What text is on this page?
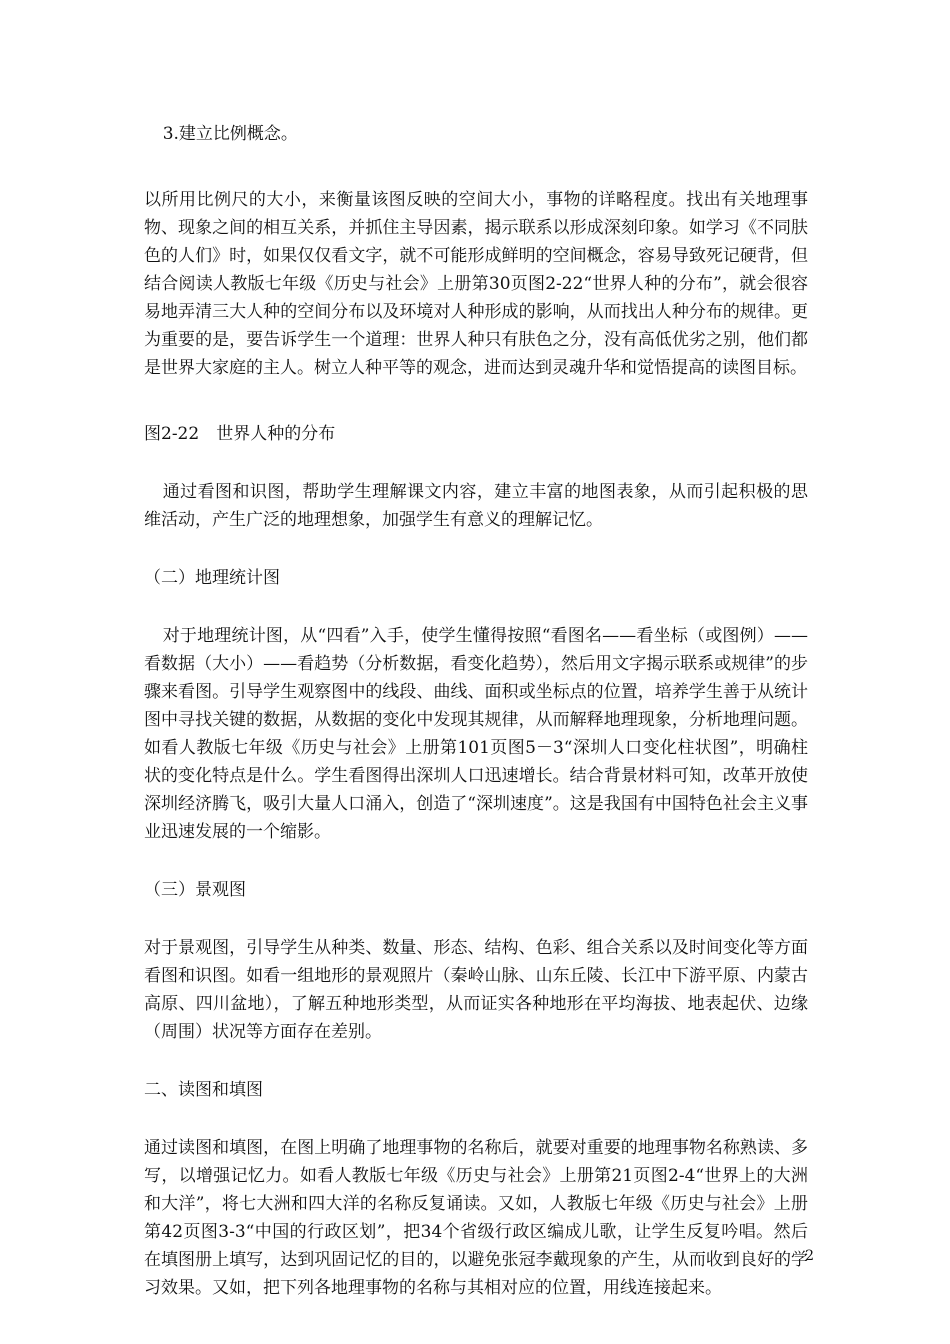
3.建立比例概念。

以所用比例尺的大小，来衡量该图反映的空间大小，事物的详略程度。找出有关地理事物、现象之间的相互关系，并抓住主导因素，揭示联系以形成深刻印象。如学习《不同肤色的人们》时，如果仅仅看文字，就不可能形成鲜明的空间概念，容易导致死记硬背，但结合阅读人教版七年级《历史与社会》上册第30页图2-22“世界人种的分布”，就会很容易地弄清三大人种的空间分布以及环境对人种形成的影响，从而找出人种分布的规律。更为重要的是，要告诉学生一个道理：世界人种只有肤色之分，没有高低优劣之别，他们都是世界大家庭的主人。树立人种平等的观念，进而达到灵魂升华和觉悟提高的读图目标。

图2-22　世界人种的分布

通过看图和识图，帮助学生理解课文内容，建立丰富的地图表象，从而引起积极的思维活动，产生广泛的地理想象，加强学生有意义的理解记忆。

（二）地理统计图

对于地理统计图，从“四看”入手，使学生懂得按照“看图名——看坐标（或图例）——看数据（大小）——看趋势（分析数据，看变化趋势），然后用文字揭示联系或规律”的步骤来看图。引导学生观察图中的线段、曲线、面积或坐标点的位置，培养学生善于从统计图中寻找关键的数据，从数据的变化中发现其规律，从而解释地理现象，分析地理问题。如看人教版七年级《历史与社会》上册第101页图5－3“深圳人口变化柱状图”，明确柱状的变化特点是什么。学生看图得出深圳人口迅速增长。结合背景材料可知，改革开放使深圳经济腾飞，吸引大量人口涌入，创造了“深圳速度”。这是我国有中国特色社会主义事业迅速发展的一个缩影。

（三）景观图

对于景观图，引导学生从种类、数量、形态、结构、色彩、组合关系以及时间变化等方面看图和识图。如看一组地形的景观照片（秦岭山脉、山东丘陵、长江中下游平原、内蒙古高原、四川盆地），了解五种地形类型，从而证实各种地形在平均海拔、地表起伏、边缘（周围）状况等方面存在差别。

二、读图和填图

通过读图和填图，在图上明确了地理事物的名称后，就要对重要的地理事物名称熟读、多写，以增强记忆力。如看人教版七年级《历史与社会》上册第21页图2-4“世界上的大洲和大洋”，将七大洲和四大洋的名称反复诵读。又如，人教版七年级《历史与社会》上册第42页图3-3“中国的行政区划”，把34个省级行政区编成儿歌，让学生反复吟唱。然后在填图册上填写，达到巩固记忆的目的，以避免张冠李戴现象的产生，从而收到良好的学习效果。又如，把下列各地理事物的名称与其相对应的位置，用线连接起来。

2
